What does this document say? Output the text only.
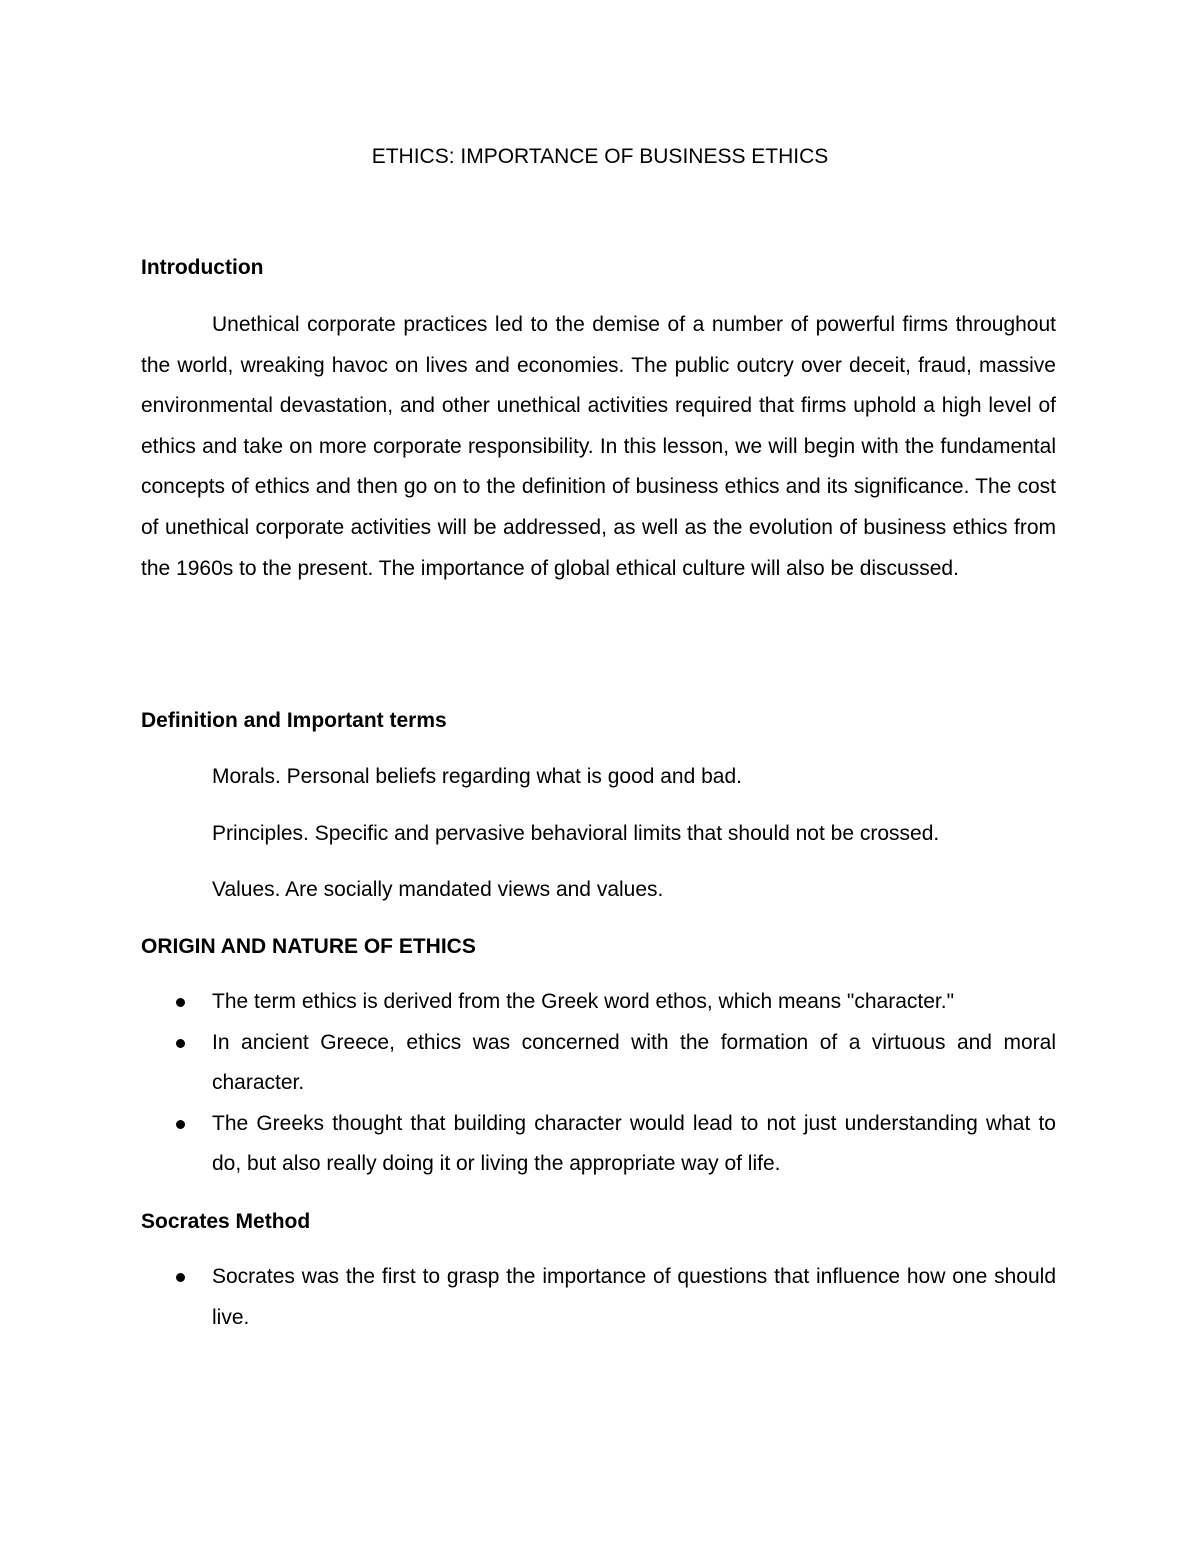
ETHICS: IMPORTANCE OF BUSINESS ETHICS
Introduction

Unethical corporate practices led to the demise of a number of powerful firms throughout the world, wreaking havoc on lives and economies. The public outcry over deceit, fraud, massive environmental devastation, and other unethical activities required that firms uphold a high level of ethics and take on more corporate responsibility. In this lesson, we will begin with the fundamental concepts of ethics and then go on to the definition of business ethics and its significance. The cost of unethical corporate activities will be addressed, as well as the evolution of business ethics from the 1960s to the present. The importance of global ethical culture will also be discussed.

Definition and Important terms

Morals. Personal beliefs regarding what is good and bad.

Principles. Specific and pervasive behavioral limits that should not be crossed.

Values. Are socially mandated views and values.

ORIGIN AND NATURE OF ETHICS
The term ethics is derived from the Greek word ethos, which means "character."
In ancient Greece, ethics was concerned with the formation of a virtuous and moral character.
The Greeks thought that building character would lead to not just understanding what to do, but also really doing it or living the appropriate way of life.
Socrates Method
Socrates was the first to grasp the importance of questions that influence how one should live.
